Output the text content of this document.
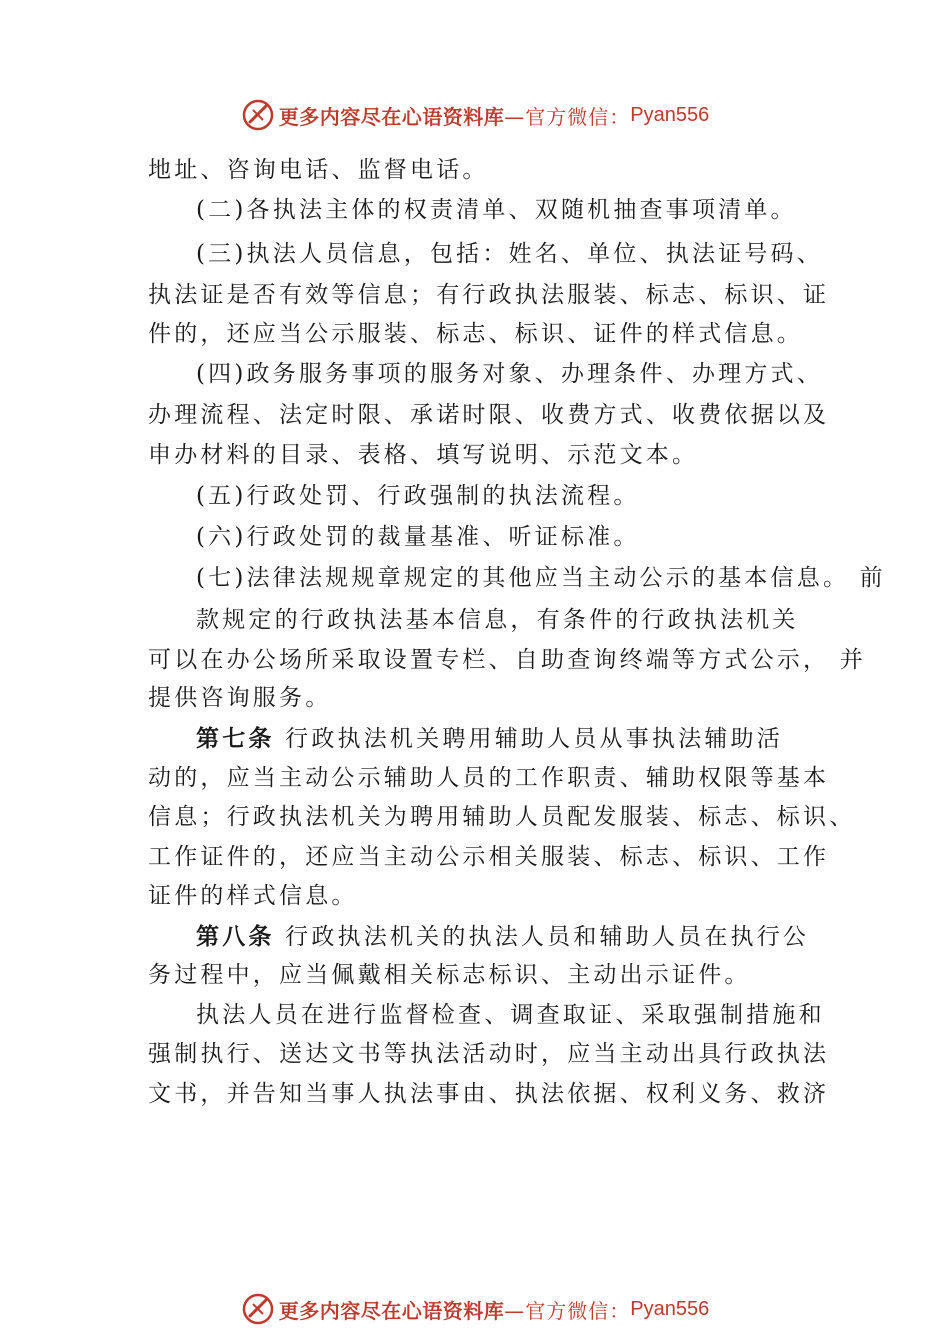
更多内容尽在心语资料库 —官方微信： Pyan556
地址、咨询电话、监督电话。
(二)各执法主体的权责清单、双随机抽查事项清单。
(三)执法人员信息，包括：姓名、单位、执法证号码、
执法证是否有效等信息；有行政执法服装、标志、标识、证
件的，还应当公示服装、标志、标识、证件的样式信息。
(四)政务服务事项的服务对象、办理条件、办理方式、
办理流程、法定时限、承诺时限、收费方式、收费依据以及
申办材料的目录、表格、填写说明、示范文本。
(五)行政处罚、行政强制的执法流程。
(六)行政处罚的裁量基准、听证标准。
(七)法律法规规章规定的其他应当主动公示的基本信息。 前
款规定的行政执法基本信息，有条件的行政执法机关
可以在办公场所采取设置专栏、自助查询终端等方式公示， 并
提供咨询服务。
第七条 行政执法机关聘用辅助人员从事执法辅助活
动的，应当主动公示辅助人员的工作职责、辅助权限等基本
信息；行政执法机关为聘用辅助人员配发服装、标志、标识、
工作证件的，还应当主动公示相关服装、标志、标识、工作
证件的样式信息。
第八条 行政执法机关的执法人员和辅助人员在执行公
务过程中，应当佩戴相关标志标识、主动出示证件。
执法人员在进行监督检查、调查取证、采取强制措施和
强制执行、送达文书等执法活动时，应当主动出具行政执法
文书，并告知当事人执法事由、执法依据、权利义务、救济
更多内容尽在心语资料库 —官方微信： Pyan556
